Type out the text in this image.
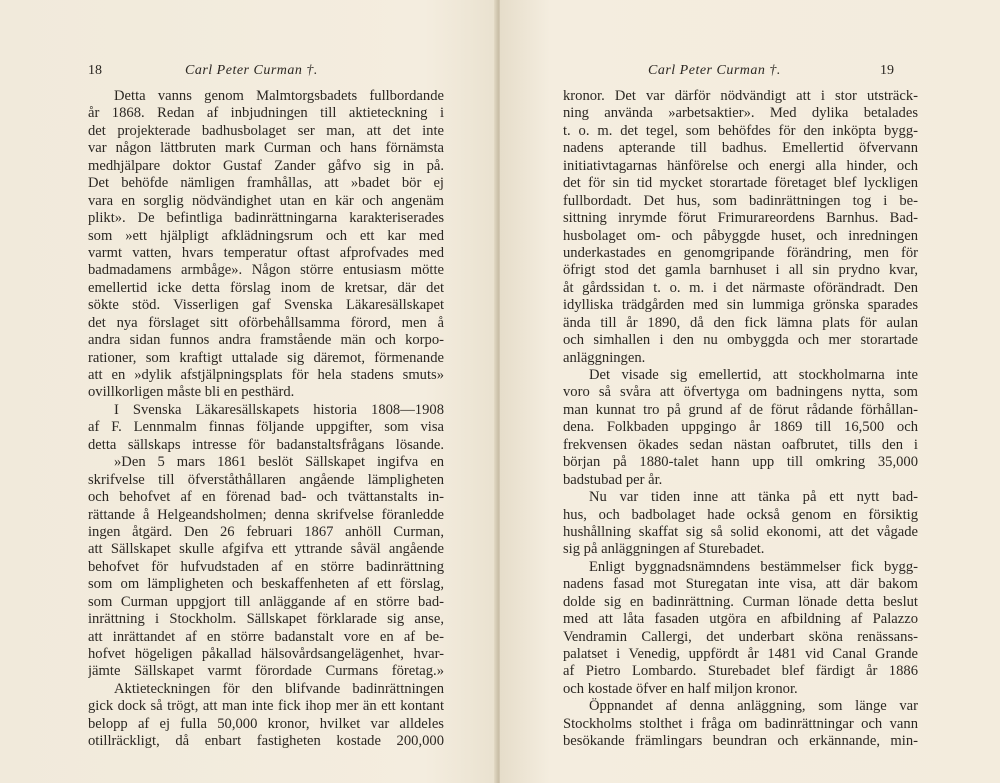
18	Carl Peter Curman †.
Detta vanns genom Malmtorgsbadets fullbordande
år 1868. Redan af inbjudningen till aktieteckning i
det projekterade badhusbolaget ser man, att det inte
var någon lättbruten mark Curman och hans förnämsta
medhjälpare doktor Gustaf Zander gåfvo sig in på.
Det behöfde nämligen framhållas, att »badet bör ej
vara en sorglig nödvändighet utan en kär och angenäm
plikt». De befintliga badinrättningarna karakteriserades
som »ett hjälpligt afklädningsrum och ett kar med
varmt vatten, hvars temperatur oftast afprofvades med
badmadamens armbåge». Någon större entusiasm mötte
emellertid icke detta förslag inom de kretsar, där det
sökte stöd. Visserligen gaf Svenska Läkaresällskapet
det nya förslaget sitt oförbehållsamma förord, men å
andra sidan funnos andra framstående män och korpo-
rationer, som kraftigt uttalade sig däremot, förmenande
att en »dylik afstjälpningsplats för hela stadens smuts»
ovillkorligen måste bli en pesthärd.
I Svenska Läkaresällskapets historia 1808—1908
af F. Lennmalm finnas följande uppgifter, som visa
detta sällskaps intresse för badanstaltsfrågans lösande.
»Den 5 mars 1861 beslöt Sällskapet ingifva en
skrifvelse till öfverståthållaren angående lämpligheten
och behofvet af en förenad bad- och tvättanstalts in-
rättande å Helgeandsholmen; denna skrifvelse föranledde
ingen åtgärd. Den 26 februari 1867 anhöll Curman,
att Sällskapet skulle afgifva ett yttrande såväl angående
behofvet för hufvudstaden af en större badinrättning
som om lämpligheten och beskaffenheten af ett förslag,
som Curman uppgjort till anläggande af en större bad-
inrättning i Stockholm. Sällskapet förklarade sig anse,
att inrättandet af en större badanstalt vore en af be-
hofvet högeligen påkallad hälsovårdsangelägenhet, hvar-
jämte Sällskapet varmt förordade Curmans företag.»
Aktieteckningen för den blifvande badinrättningen
gick dock så trögt, att man inte fick ihop mer än ett kontant
belopp af ej fulla 50,000 kronor, hvilket var alldeles
otillräckligt, då enbart fastigheten kostade 200,000
Carl Peter Curman †.	19
kronor. Det var därför nödvändigt att i stor utsträck-
ning använda »arbetsaktier». Med dylika betalades
t. o. m. det tegel, som behöfdes för den inköpta bygg-
nadens apterande till badhus. Emellertid öfvervann
initiativtagarnas hänförelse och energi alla hinder, och
det för sin tid mycket storartade företaget blef lyckligen
fullbordadt. Det hus, som badinrättningen tog i be-
sittning inrymde förut Frimurareordens Barnhus. Bad-
husbolaget om- och påbyggde huset, och inredningen
underkastades en genomgripande förändring, men för
öfrigt stod det gamla barnhuset i all sin prydno kvar,
åt gårdssidan t. o. m. i det närmaste oförändradt. Den
idylliska trädgården med sin lummiga grönska sparades
ända till år 1890, då den fick lämna plats för aulan
och simhallen i den nu ombyggda och mer storartade
anläggningen.
Det visade sig emellertid, att stockholmarna inte
voro så svåra att öfvertyga om badningens nytta, som
man kunnat tro på grund af de förut rådande förhållan-
dena. Folkbaden uppgingo år 1869 till 16,500 och
frekvensen ökades sedan nästan oafbrutet, tills den i
början på 1880-talet hann upp till omkring 35,000
badstubad per år.
Nu var tiden inne att tänka på ett nytt bad-
hus, och badbolaget hade också genom en försiktig
hushållning skaffat sig så solid ekonomi, att det vågade
sig på anläggningen af Sturebadet.
Enligt byggnadsnämndens bestämmelser fick bygg-
nadens fasad mot Sturegatan inte visa, att där bakom
dolde sig en badinrättning. Curman lönade detta beslut
med att låta fasaden utgöra en afbildning af Palazzo
Vendramin Callergi, det underbart sköna renässans-
palatset i Venedig, uppfördt år 1481 vid Canal Grande
af Pietro Lombardo. Sturebadet blef färdigt år 1886
och kostade öfver en half miljon kronor.
Öppnandet af denna anläggning, som länge var
Stockholms stolthet i fråga om badinrättningar och vann
besökande främlingars beundran och erkännande, min-
